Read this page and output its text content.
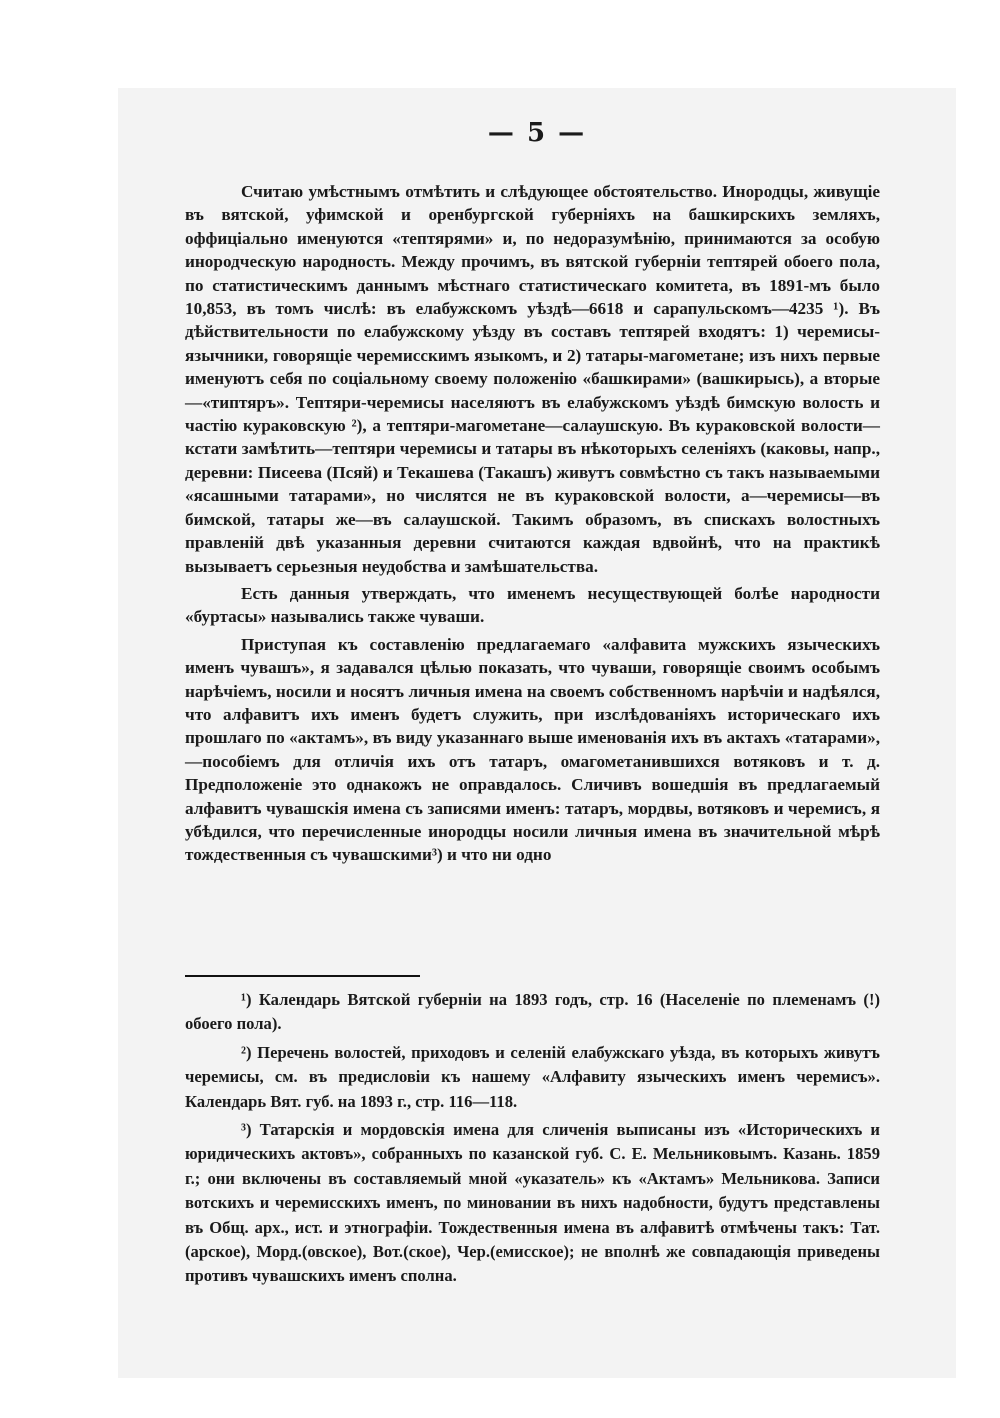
— 5 —

Считаю умѣстнымъ отмѣтить и слѣдующее обстоятельство. Инородцы, живущіе въ вятской, уфимской и оренбургской губерніяхъ на башкирскихъ земляхъ, оффиціально именуются «тептярями» и, по недоразумѣнію, принимаются за особую инородческую народность. Между прочимъ, въ вятской губерніи тептярей обоего пола, по статистическимъ даннымъ мѣстнаго статистическаго комитета, въ 1891-мъ было 10,853, въ томъ числѣ: въ елабужскомъ уѣздѣ—6618 и сарапульскомъ—4235 ¹). Въ дѣйствительности по елабужскому уѣзду въ составъ тептярей входятъ: 1) черемисы-язычники, говорящіе черемисскимъ языкомъ, и 2) татары-магометане; изъ нихъ первые именуютъ себя по соціальному своему положенію «башкирами» (вашкирысь), а вторые—«типтяръ». Тептяри-черемисы населяютъ въ елабужскомъ уѣздѣ бимскую волость и частію кураковскую ²), а тептяри-магометане—салаушскую. Въ кураковской волости—кстати замѣтить—тептяри черемисы и татары въ нѣкоторыхъ селеніяхъ (каковы, напр., деревни: Писеева (Псяй) и Текашева (Такашъ) живутъ совмѣстно съ такъ называемыми «ясашными татарами», но числятся не въ кураковской волости, а—черемисы—въ бимской, татары же—въ салаушской. Такимъ образомъ, въ спискахъ волостныхъ правленій двѣ указанныя деревни считаются каждая вдвойнѣ, что на практикѣ вызываетъ серьезныя неудобства и замѣшательства.

Есть данныя утверждать, что именемъ несуществующей болѣе народности «буртасы» назывались также чуваши.

Приступая къ составленію предлагаемаго «алфавита мужскихъ языческихъ именъ чувашъ», я задавался цѣлью показать, что чуваши, говорящіе своимъ особымъ нарѣчіемъ, носили и носятъ личныя имена на своемъ собственномъ нарѣчіи и надѣялся, что алфавитъ ихъ именъ будетъ служить, при изслѣдованіяхъ историческаго ихъ прошлаго по «актамъ», въ виду указаннаго выше именованія ихъ въ актахъ «татарами»,—пособіемъ для отличія ихъ отъ татаръ, омагометанившихся вотяковъ и т. д. Предположеніе это однакожъ не оправдалось. Сличивъ вошедшія въ предлагаемый алфавитъ чувашскія имена съ записями именъ: татаръ, мордвы, вотяковъ и черемисъ, я убѣдился, что перечисленные инородцы носили личныя имена въ значительной мѣрѣ тождественныя съ чувашскими³) и что ни одно

¹) Календарь Вятской губерніи на 1893 годъ, стр. 16 (Населеніе по племенамъ (!) обоего пола).

²) Перечень волостей, приходовъ и селеній елабужскаго уѣзда, въ которыхъ живутъ черемисы, см. въ предисловіи къ нашему «Алфавиту языческихъ именъ черемисъ». Календарь Вят. губ. на 1893 г., стр. 116—118.

³) Татарскія и мордовскія имена для сличенія выписаны изъ «Историческихъ и юридическихъ актовъ», собранныхъ по казанской губ. С. Е. Мельниковымъ. Казань. 1859 г.; они включены въ составляемый мной «указатель» къ «Актамъ» Мельникова. Записи вотскихъ и черемисскихъ именъ, по миновании въ нихъ надобности, будутъ представлены въ Общ. арх., ист. и этнографіи. Тождественныя имена въ алфавитѣ отмѣчены такъ: Тат.(арское), Морд.(овское), Вот.(ское), Чер.(емисское); не вполнѣ же совпадающія приведены противъ чувашскихъ именъ сполна.
